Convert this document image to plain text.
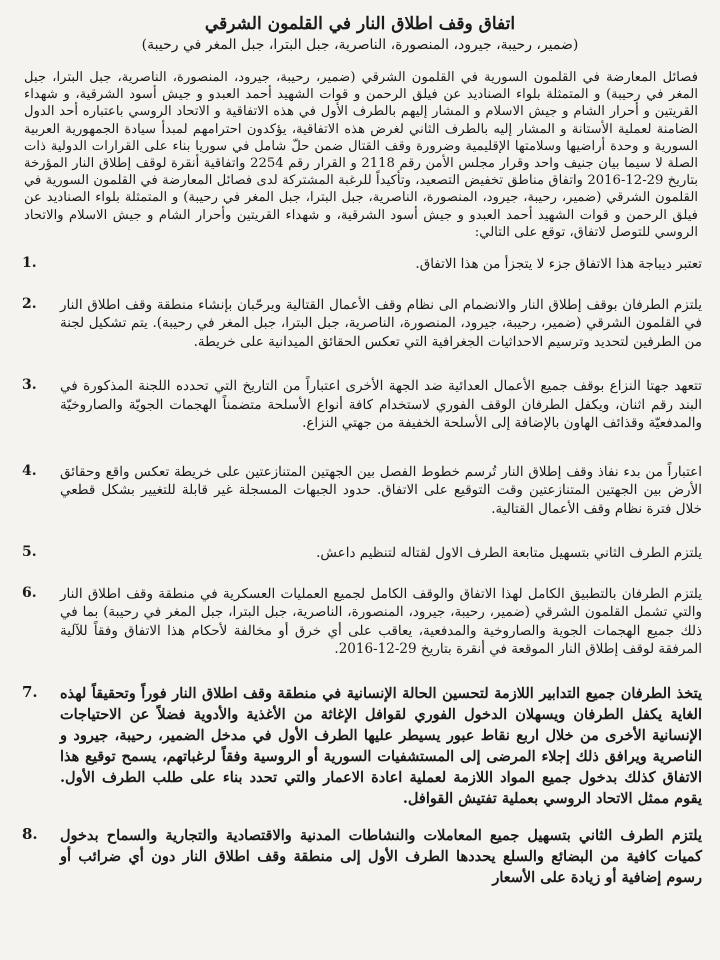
اتفاق وقف اطلاق النار في القلمون الشرقي
(ضمير، رحيبة، جيرود، المنصورة، الناصرية، جبل البترا، جبل المغر في رحيبة)
فصائل المعارضة في القلمون السورية في القلمون الشرقي (ضمير، رحيبة، جيرود، المنصورة، الناصرية، جبل البترا، جبل المغر في رحيبة) و المتمثلة بلواء الصناديد عن فيلق الرحمن و قوات الشهيد أحمد العبدو و جيش أسود الشرقية، و شهداء القريتين و أحرار الشام و جيش الاسلام و المشار إليهم بالطرف الأول في هذه الاتفاقية و الاتحاد الروسي باعتباره أحد الدول الضامنة لعملية الأستانة و المشار إليه بالطرف الثاني لغرض هذه الاتفاقية، يؤكدون احترامهم لمبدأ سيادة الجمهورية العربية السورية و وحدة أراضيها وسلامتها الإقليمية وضرورة وقف القتال ضمن حلّ شامل في سوريا بناء على القرارات الدولية ذات الصلة لا سيما بيان جنيف واحد وقرار مجلس الأمن رقم 2118 و القرار رقم 2254 واتفاقية أنقرة لوقف إطلاق النار المؤرخة بتاريخ 29-12-2016 واتفاق مناطق تخفيض التصعيد، وتأكيداً للرغبة المشتركة لدى فصائل المعارضة في القلمون السورية في القلمون الشرقي (ضمير، رحيبة، جيرود، المنصورة، الناصرية، جبل البترا، جبل المغر في رحيبة) و المتمثلة بلواء الصناديد عن فيلق الرحمن و قوات الشهيد أحمد العبدو و جيش أسود الشرقية، و شهداء القريتين وأحرار الشام و جيش الاسلام والاتحاد الروسي للتوصل لاتفاق، توقع على التالي:
تعتبر ديباجة هذا الاتفاق جزء لا يتجزأ من هذا الاتفاق.
1.
يلتزم الطرفان بوقف إطلاق النار والانضمام الى نظام وقف الأعمال القتالية ويرحّبان بإنشاء منطقة وقف اطلاق النار في القلمون الشرقي (ضمير، رحيبة، جيرود، المنصورة، الناصرية، جبل البترا، جبل المغر في رحيبة). يتم تشكيل لجنة من الطرفين لتحديد وترسيم الاحداثيات الجغرافية التي تعكس الحقائق الميدانية على خريطة.
2.
تتعهد جهتا النزاع بوقف جميع الأعمال العدائية ضد الجهة الأخرى اعتباراً من التاريخ التي تحدده اللجنة المذكورة في البند رقم اثنان، ويكفل الطرفان الوقف الفوري لاستخدام كافة أنواع الأسلحة متضمناً الهجمات الجويّة والصاروخيّة والمدفعيّة وقذائف الهاون بالإضافة إلى الأسلحة الخفيفة من جهتي النزاع.
3.
اعتباراً من بدء نفاذ وقف إطلاق النار تُرسم خطوط الفصل بين الجهتين المتنازعتين على خريطة تعكس واقع وحقائق الأرض بين الجهتين المتنازعتين وقت التوقيع على الاتفاق. حدود الجبهات المسجلة غير قابلة للتغيير بشكل قطعي خلال فترة نظام وقف الأعمال القتالية.
4.
يلتزم الطرف الثاني بتسهيل متابعة الطرف الاول لقتاله لتنظيم داعش.
5.
يلتزم الطرفان بالتطبيق الكامل لهذا الاتفاق والوقف الكامل لجميع العمليات العسكرية في منطقة وقف اطلاق النار والتي تشمل القلمون الشرقي (ضمير، رحيبة، جيرود، المنصورة، الناصرية، جبل البترا، جبل المغر في رحيبة) بما في ذلك جميع الهجمات الجوية والصاروخية والمدفعية، يعاقب على أي خرق أو مخالفة لأحكام هذا الاتفاق وفقاً للآلية المرفقة لوقف إطلاق النار الموقعة في أنقرة بتاريخ 29-12-2016.
6.
يتخذ الطرفان جميع التدابير اللازمة لتحسين الحالة الإنسانية في منطقة وقف اطلاق النار فوراً وتحقيقاً لهذه الغاية يكفل الطرفان ويسهلان الدخول الفوري لقوافل الإغاثة من الأغذية والأدوية فضلاً عن الاحتياجات الإنسانية الأخرى من خلال اربع نقاط عبور يسيطر عليها الطرف الأول في مدخل الضمير، رحيبة، جيرود و الناصرية ويرافق ذلك إجلاء المرضى إلى المستشفيات السورية أو الروسية وفقاً لرغباتهم، يسمح توقيع هذا الاتفاق كذلك بدخول جميع المواد اللازمة لعملية اعادة الاعمار والتي تحدد بناء على طلب الطرف الأول. يقوم ممثل الاتحاد الروسي بعملية تفتيش القوافل.
7.
يلتزم الطرف الثاني بتسهيل جميع المعاملات والنشاطات المدنية والاقتصادية والتجارية والسماح بدخول كميات كافية من البضائع والسلع يحددها الطرف الأول إلى منطقة وقف اطلاق النار دون أي ضرائب أو رسوم إضافية أو زيادة على الأسعار
8.
